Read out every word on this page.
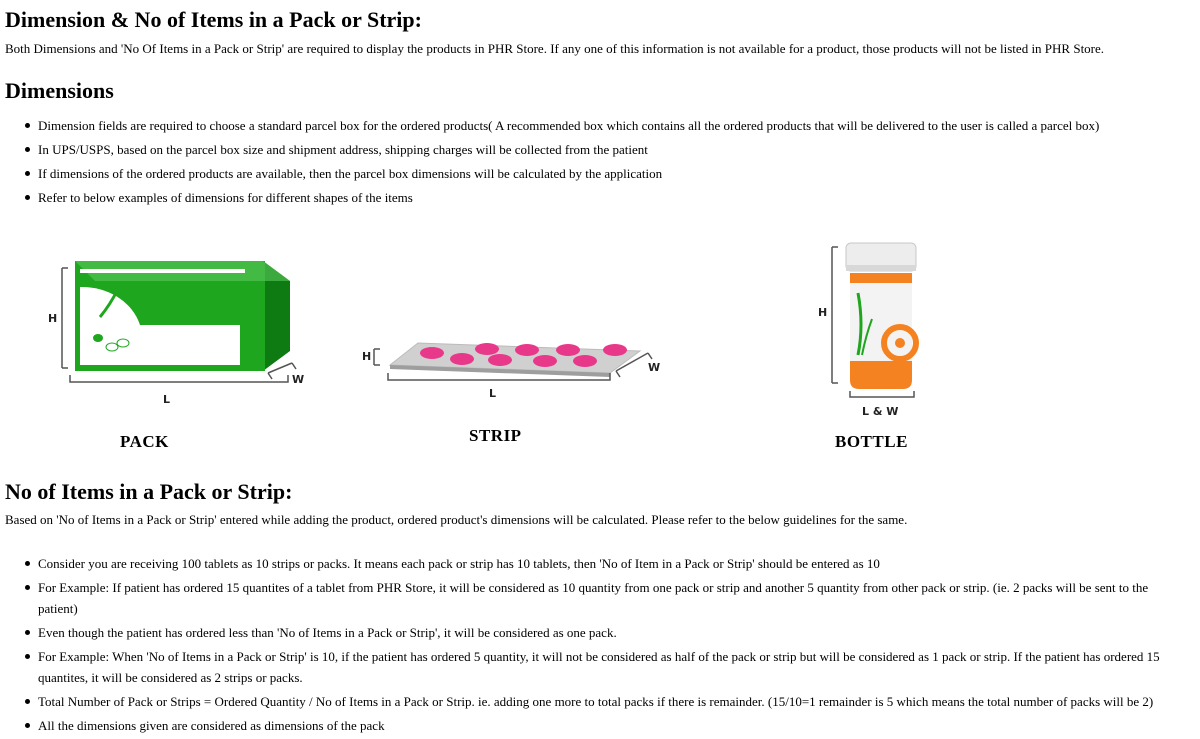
Dimension & No of Items in a Pack or Strip:

Both Dimensions and 'No Of Items in a Pack or Strip' are required to display the products in PHR Store. If any one of this information is not available for a product, those products will not be listed in PHR Store.

Dimensions
Dimension fields are required to choose a standard parcel box for the ordered products( A recommended box which contains all the ordered products that will be delivered to the user is called a parcel box)
In UPS/USPS, based on the parcel box size and shipment address, shipping charges will be collected from the patient
If dimensions of the ordered products are available, then the parcel box dimensions will be calculated by the application
Refer to below examples of dimensions for different shapes of the items
H
L
W
H
L
W
H
L & W
PACK	STRIP	BOTTLE
No of Items in a Pack or Strip:

Based on 'No of Items in a Pack or Strip' entered while adding the product, ordered product's dimensions will be calculated. Please refer to the below guidelines for the same.

Consider you are receiving 100 tablets as 10 strips or packs. It means each pack or strip has 10 tablets, then 'No of Item in a Pack or Strip' should be entered as 10
For Example: If patient has ordered 15 quantites of a tablet from PHR Store, it will be considered as 10 quantity from one pack or strip and another 5 quantity from other pack or strip. (ie. 2 packs will be sent to the patient)
Even though the patient has ordered less than 'No of Items in a Pack or Strip', it will be considered as one pack.
For Example: When 'No of Items in a Pack or Strip' is 10, if the patient has ordered 5 quantity, it will not be considered as half of the pack or strip but will be considered as 1 pack or strip. If the patient has ordered 15 quantites, it will be considered as 2 strips or packs.
Total Number of Pack or Strips = Ordered Quantity / No of Items in a Pack or Strip. ie. adding one more to total packs if there is remainder. (15/10=1 remainder is 5 which means the total number of packs will be 2)
All the dimensions given are considered as dimensions of the pack
